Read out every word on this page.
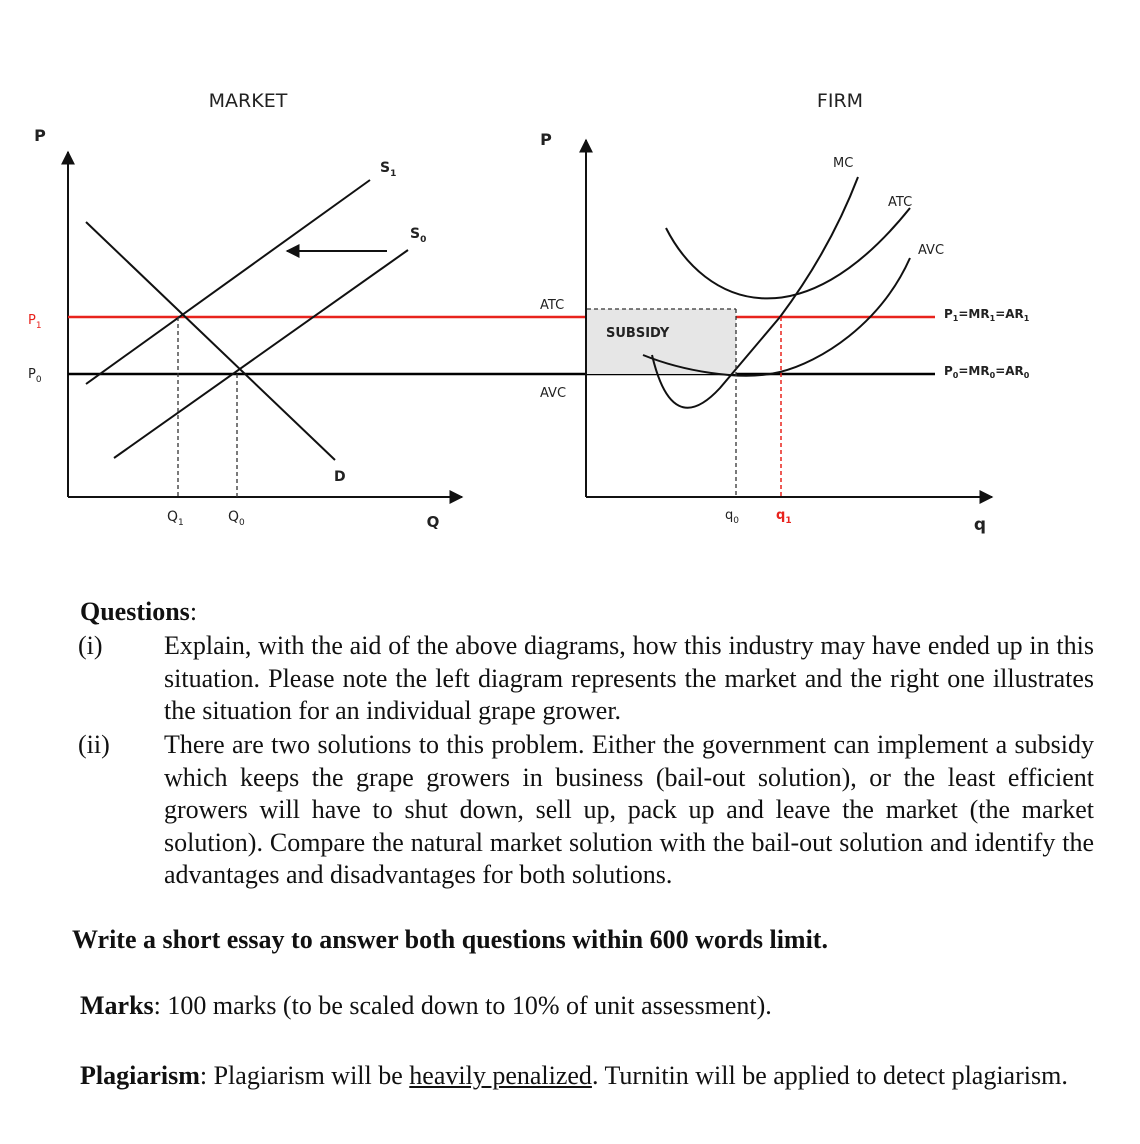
MARKET
P
Q
$P_1$
$P_0$
$S_1$
$S_0$
D
$Q_1$	$Q_0$
FIRM
P
q
SUBSIDY
ATC
AVC
MC
ATC
AVC
$q_0$	$q_1$
$P_1=MR_1=AR_1$
$P_0=MR_0=AR_0$
Questions:
(i)	Explain, with the aid of the above diagrams, how this industry may have ended up in this situation. Please note the left diagram represents the market and the right one illustrates the situation for an individual grape grower.
(ii)	There are two solutions to this problem. Either the government can implement a subsidy which keeps the grape growers in business (bail-out solution), or the least efficient growers will have to shut down, sell up, pack up and leave the market (the market solution). Compare the natural market solution with the bail-out solution and identify the advantages and disadvantages for both solutions.
Write a short essay to answer both questions within 600 words limit.
Marks: 100 marks (to be scaled down to 10% of unit assessment).
Plagiarism: Plagiarism will be heavily penalized. Turnitin will be applied to detect plagiarism.
